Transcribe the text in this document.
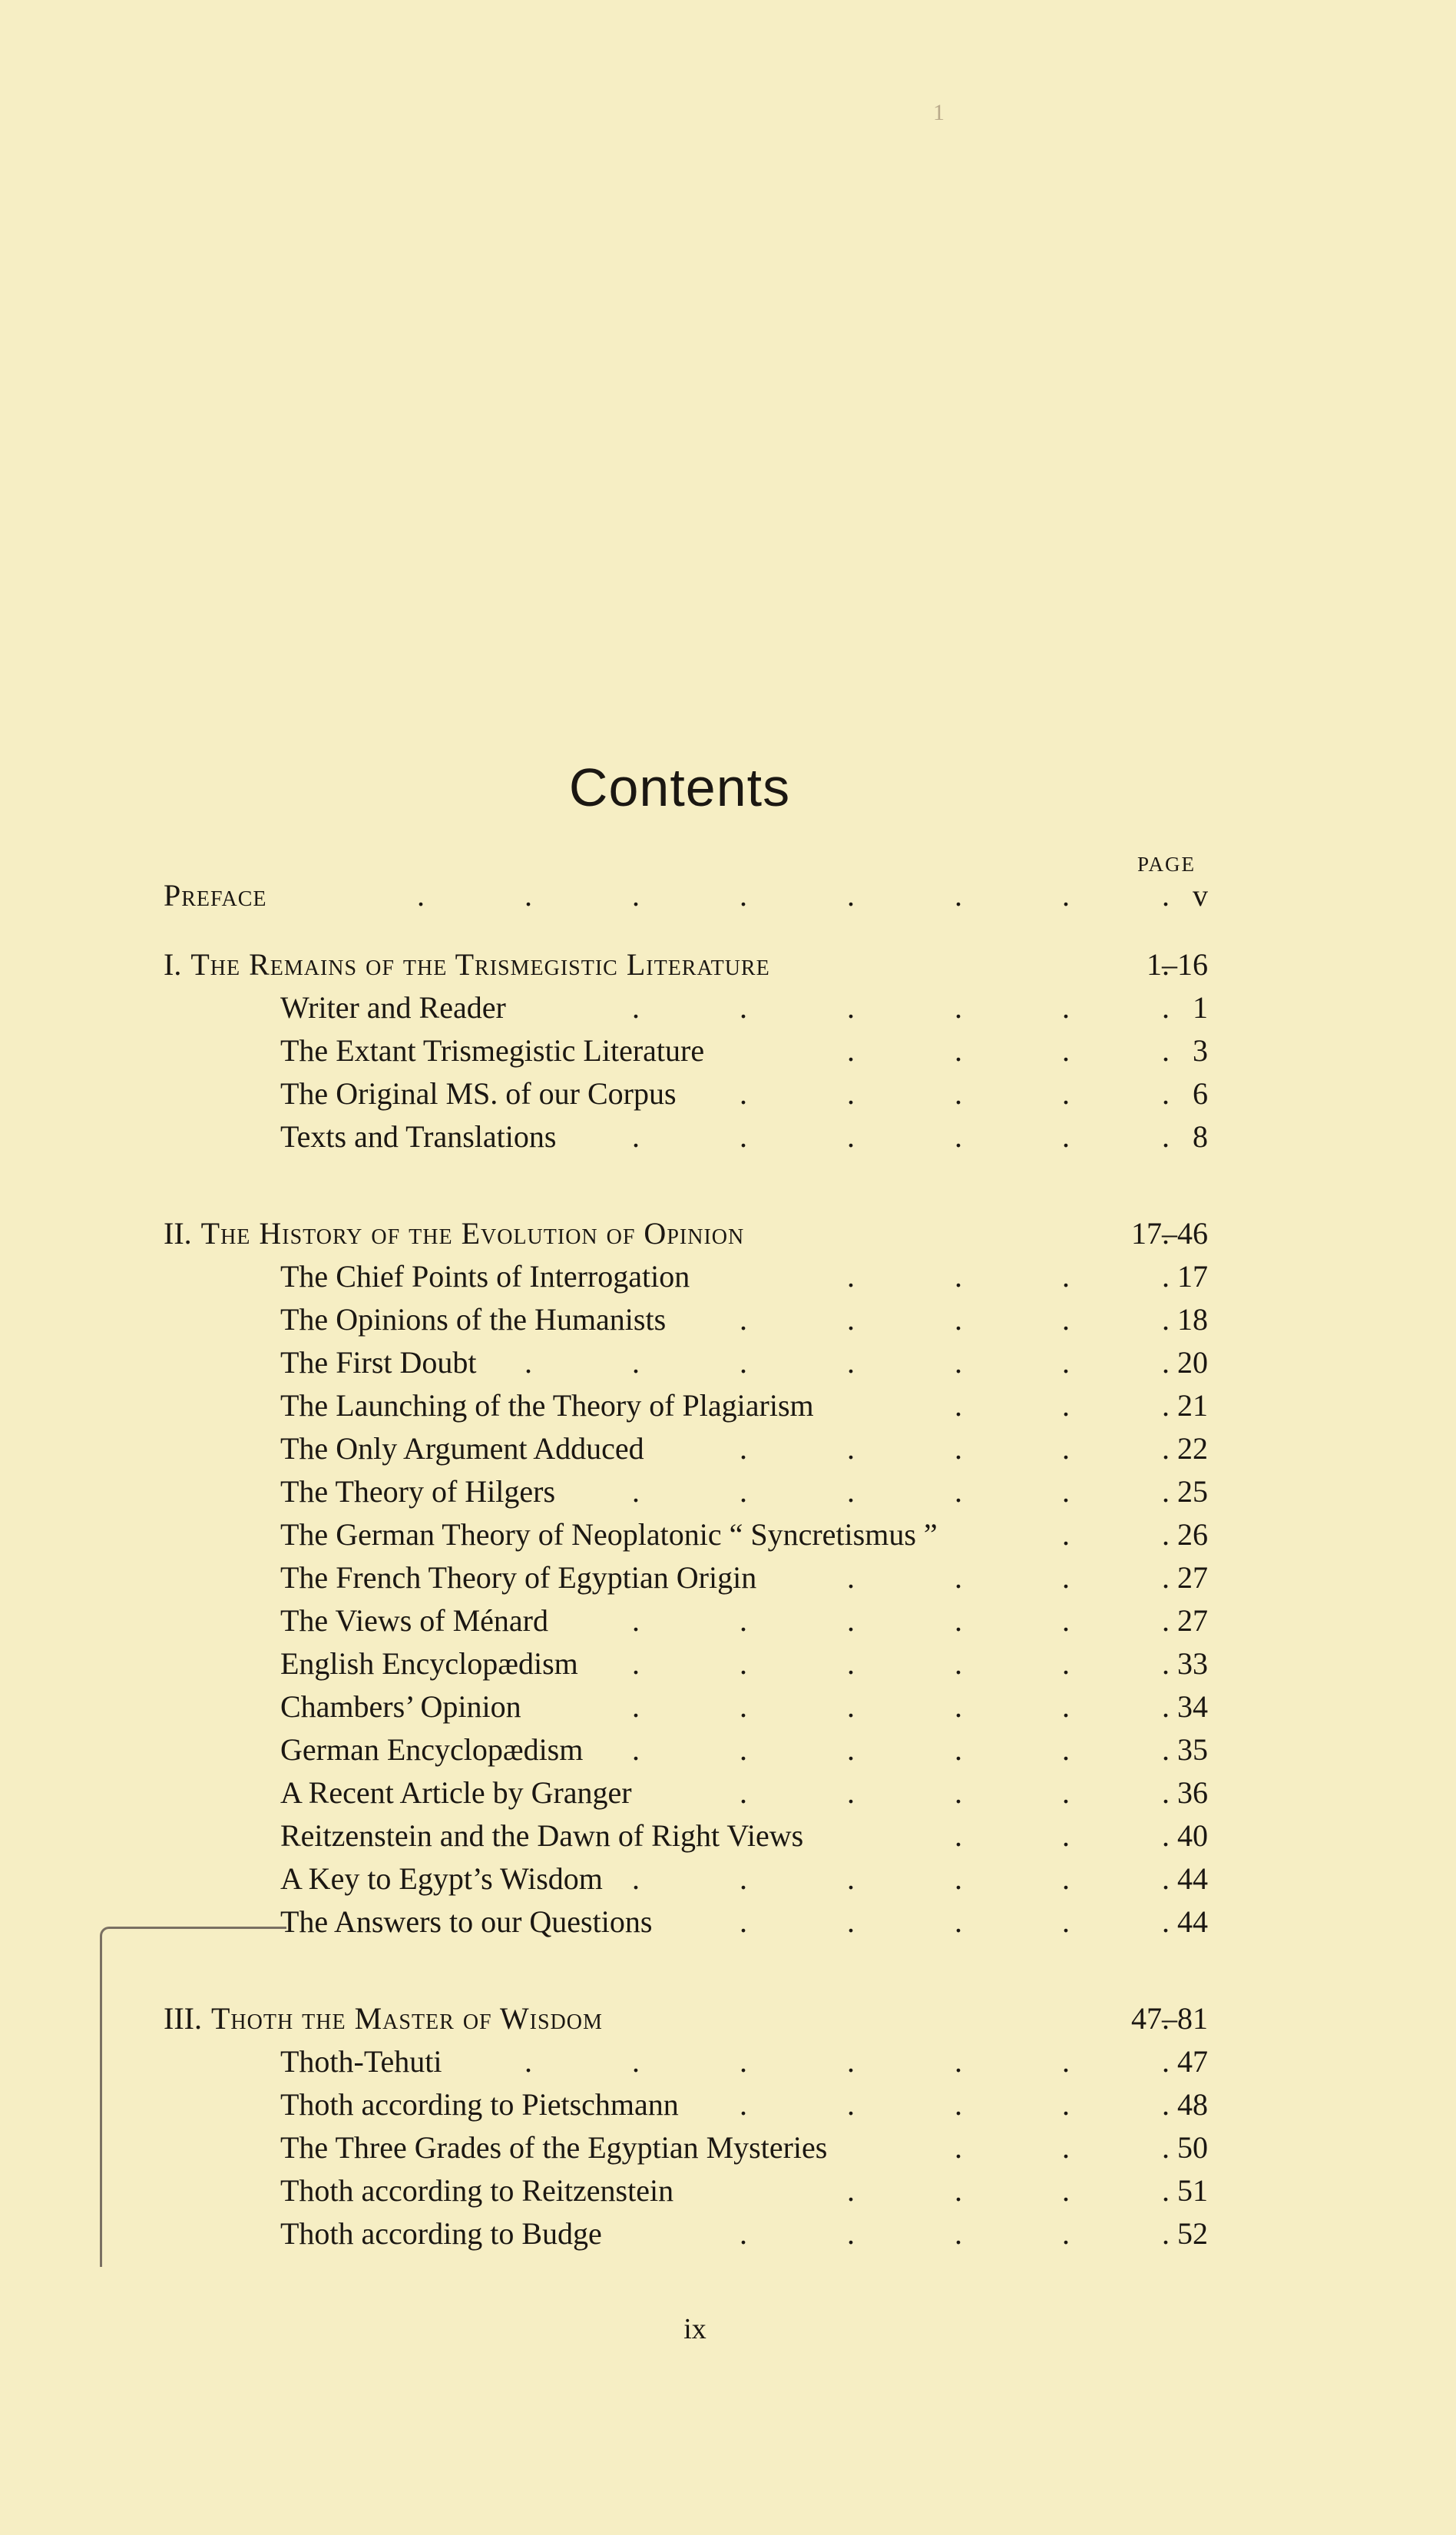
1
Contents
PAGE
Preface . . . . . . . .	v
I. The Remains of the Trismegistic Literature .	1–16
Writer and Reader . . . . . .	1
The Extant Trismegistic Literature . . . .	3
The Original MS. of our Corpus . . . . .	6
Texts and Translations . . . . . .	8
II. The History of the Evolution of Opinion .	17–46
The Chief Points of Interrogation . . . .	17
The Opinions of the Humanists . . . . .	18
The First Doubt . . . . . . .	20
The Launching of the Theory of Plagiarism . . .	21
The Only Argument Adduced . . . . .	22
The Theory of Hilgers . . . . . .	25
The German Theory of Neoplatonic “ Syncretismus ” . .	26
The French Theory of Egyptian Origin . . . .	27
The Views of Ménard . . . . . .	27
English Encyclopædism . . . . . .	33
Chambers’ Opinion . . . . . .	34
German Encyclopædism . . . . . .	35
A Recent Article by Granger . . . . .	36
Reitzenstein and the Dawn of Right Views . . .	40
A Key to Egypt’s Wisdom . . . . . .	44
The Answers to our Questions . . . . .	44
III. Thoth the Master of Wisdom .	47–81
Thoth-Tehuti . . . . . . .	47
Thoth according to Pietschmann . . . . .	48
The Three Grades of the Egyptian Mysteries . . .	50
Thoth according to Reitzenstein . . . .	51
Thoth according to Budge . . . . .	52
ix
